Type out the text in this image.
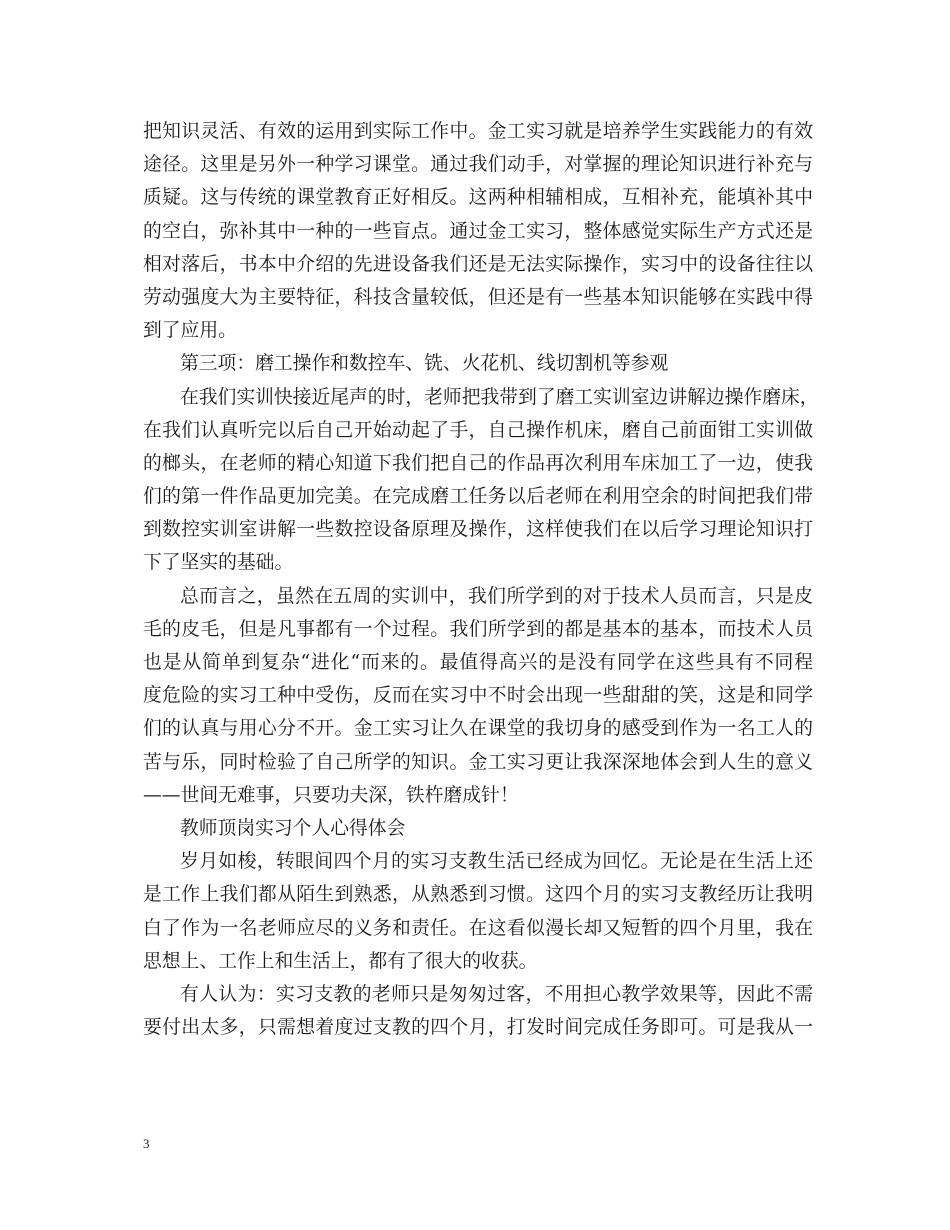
把知识灵活、有效的运用到实际工作中。金工实习就是培养学生实践能力的有效
途径。这里是另外一种学习课堂。通过我们动手，对掌握的理论知识进行补充与
质疑。这与传统的课堂教育正好相反。这两种相辅相成，互相补充，能填补其中
的空白，弥补其中一种的一些盲点。通过金工实习，整体感觉实际生产方式还是
相对落后，书本中介绍的先进设备我们还是无法实际操作，实习中的设备往往以
劳动强度大为主要特征，科技含量较低，但还是有一些基本知识能够在实践中得
到了应用。
第三项：磨工操作和数控车、铣、火花机、线切割机等参观
在我们实训快接近尾声的时，老师把我带到了磨工实训室边讲解边操作磨床，
在我们认真听完以后自己开始动起了手，自己操作机床，磨自己前面钳工实训做
的榔头，在老师的精心知道下我们把自己的作品再次利用车床加工了一边，使我
们的第一件作品更加完美。在完成磨工任务以后老师在利用空余的时间把我们带
到数控实训室讲解一些数控设备原理及操作，这样使我们在以后学习理论知识打
下了坚实的基础。
总而言之，虽然在五周的实训中，我们所学到的对于技术人员而言，只是皮
毛的皮毛，但是凡事都有一个过程。我们所学到的都是基本的基本，而技术人员
也是从简单到复杂“进化“而来的。最值得高兴的是没有同学在这些具有不同程
度危险的实习工种中受伤，反而在实习中不时会出现一些甜甜的笑，这是和同学
们的认真与用心分不开。金工实习让久在课堂的我切身的感受到作为一名工人的
苦与乐，同时检验了自己所学的知识。金工实习更让我深深地体会到人生的意义
——世间无难事，只要功夫深，铁杵磨成针！
教师顶岗实习个人心得体会
岁月如梭，转眼间四个月的实习支教生活已经成为回忆。无论是在生活上还
是工作上我们都从陌生到熟悉，从熟悉到习惯。这四个月的实习支教经历让我明
白了作为一名老师应尽的义务和责任。在这看似漫长却又短暂的四个月里，我在
思想上、工作上和生活上，都有了很大的收获。
有人认为：实习支教的老师只是匆匆过客，不用担心教学效果等，因此不需
要付出太多，只需想着度过支教的四个月，打发时间完成任务即可。可是我从一
3
